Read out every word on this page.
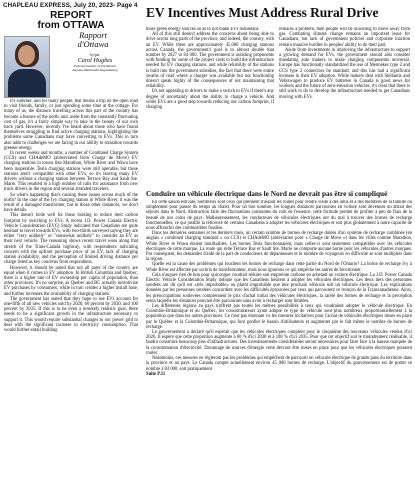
CHAPLEAU EXPRESS, July 20, 2023- Page 4
REPORT
from OTTAWA
Rapport
d'Ottawa
by/par
Carol Hughes
Federal member of Parliament
Algoma-Manitoulin-Kapuskasing

It's summer, and for many people, that means a trip on the open road to visit friends, family, or just spending some time at the cottage. For many of us, the distance travelling across this part of the country has become a feature of the north, and, aside from the constantly fluctuating cost of gas, it's a fairly simple way to take in the beauty of our own back yard. However, recently I've heard about those who have found themselves struggling to find active charging stations, highlighting the problems some Canadians may have converting to EVs. This in turn also adds to challenges we are facing in our ability to transition towards greener energy.

In recent weeks and months, a number of Combined Charge System (CCS) and CHAdeMO (abbreviated from Charge de Move) EV charging stations in towns like Marathon, White River and Wawa have been inoperable. Tesla charging stations were still operable, but those stations aren't compatible with other EVs, so it's leaving many EV drivers without a charging station between Terrace Bay and Sault Ste. Marie. This resulted in a high number of calls for assistance from new truck drivers in the region and several stranded travelers.

So what's happening that's causing these issues across much of the north? In the case of the Ivy charging station in White River, it was the result of a damaged transformer, but in those other instances, we don't have details.

This doesn't bode well for those looking to reduce their carbon footprint by switching to EVs. A recent J.D. Power Canada Electric Vehicle Consideration (EVC) Study indicated that Canadians are quite hesitant to travel towards EVs, with two-thirds surveyed saying they are either "very unlikely" or "somewhat unlikely" to consider an EV as their next vehicle. The reasoning shows recent travel woes along that stretch of the Trans-Canada highway, with respondents indicating concern with the upfront purchase price of an EV, lack of charging station availability, and the perception of limited driving distance per charge listed as key concerns from respondents.

However, it should be noted that not all parts of the country are equal when it comes to EV adoption. In British Columbia and Quebec, there is a higher rate of EV ownership per capita of population, than other provinces. It's no surprise, as Quebec and BC actually incentivize EV purchases by consumers, while in turn creates a higher install base, and further increases the availability of charging stations.

The government has stated that they hope to see EVs account for one-fifth of all new vehicles sold by 2026, 60 percent by 2030, and 100 percent by 2035. If this is to be even a remotely realistic goal, there needs to be a significant growth in the infrastructure necessary to support it. This would require substantial changes to our power grid to deal with the significant increase in electricity consumption. That would further entail building

EV Incentives Must Address Rural Drive

more green energy sources so as to not make EVs redundant.

All of this still doesn't address the concerns about being able to drive across long parts of the province, and indeed, the country, with an EV. While there are approximately 45,000 charging stations across Canada, the government's goal is to almost double that number by 2027 to 84 000. The government is assisting proponents with funding for some of the project costs to build the infrastructure needed for EV charging stations, and while reliability of the stations is built into the government subsidies, the fact that there were entire swaths of road where a charger was available but not functioning doesn't speak highly of the consequences of not maintaining that reliability.

It's not appealing to drivers to make a switch to EVs if there's any degree of uncertainty about the ability to charge a vehicle. And while EVs are a good step towards reducing our carbon footprint, if charging

remains a problem, then people will be unwilling to move away from gas. Combating climate change remains an important issue for Canadians, but lack of government policies and corporate inaction remain massive hurdles in peoples' ability to do their part.

Aside from investments in improving the infrastructure to support a growing demand for EVs, the government should also consider mandating auto makers to make charging components universal. Europe has functionally standardized the use of Mennekes type 2 and CCS type 2 connectors be standard, and this has had a significant increase in their EV adoption. While makers deal with Stellantis and Volkswagen to produce EV batteries in Canada is good news for workers and the future of zero-emission vehicles, it's clear that there is still work to do to develop the infrastructure needed to get Canadians moving with EVs.

Conduire un véhicule électrique dans le Nord ne devrait pas être si compliqué

En cette saison estivale, nombreux sont ceux qui prennent d'assaut les routes pour rendre visite à des amis et à des membres de la famille ou simplement pour passer du temps au chalet. Pour un bon nombre, les longues distances parcourues en voiture sont devenues un attrait des séjours dans le Nord. Abstraction faite des fluctuations constantes du coût de l'essence, cette formule permet de profiter à peu de frais de la beauté de nos coins de pays. Malheureusement, les conducteurs de véhicules électriques ont du mal à trouver des bornes de recharge fonctionnelles, ce qui justifie la réticence de certains Canadiens à adopter les véhicules électriques et soit plus globalement à notre capacité de nous affranchir des combustibles fossiles.

Dans les dernières semaines et les derniers mois, un certain nombre de bornes de recharge dotées d'un système de recharge combinée (en anglais « combined charging standard » ou CCS) et CHAdeMO (abréviation pour « Charge de Move ») dans les villes comme Marathon, White River et Wawa étaient inutilisables. Les bornes Tesla fonctionnaient, mais celles-ci sont seulement compatibles avec les véhicules électriques de cette marque. La route qui relie Terrace Bay et Sault Ste. Marie ne comporte aucune borne pour les véhicules d'autres marques. Par conséquent, les demandes d'aide de la part de conducteurs de dépanneuses et le nombre de voyageurs en difficulté se sont multipliés dans la région.

Quelle est la cause des problèmes qui touchent les bornes de recharge dans cette partie du Nord de l'Ontario? La borne de recharge Ivy à White River est affectée par un bris de transformateur, mais nous ignorons ce qui empêche les autres de fonctionner.

Cela n'augure rien de bon pour quiconque voudrait réduire son empreinte carbone en achetant un voiture électrique. La J.D. Power Canada Electric Vehicle Consideration Study indique que les Canadiens hésitent à adopter les véhicules électriques. Les deux tiers des personnes sondées ont dit qu'il est «très improbable» ou plutôt improbable que leur prochain véhicule soit un véhicule électrique. Les explications données par les personnes sondées concordent avec les difficultés éprouvées par ceux qui parcourent ce tronçon de la Transcanadienne. Ainsi, les préoccupations soulevées comprennent le prix d'achat initial des véhicules électriques, la rareté des bornes de recharge et la perception selon laquelle les distances pouvant être parcourues sans avoir à recharger sont limitées.

Les différentes régions au pays n'offrent pas toutes les mêmes possibilités à ceux qui voudraient adopter le véhicule électrique. En Colombie-Britannique et au Québec, les consommateurs ayant adopté ce type de véhicule sont plus nombreux proportionnellement à la population que dans les autres provinces. Ce n'est pas étonnant vu les mesures incitatives pour l'achat de véhicules électriques mises en place par le Québec et la Colombie-Britannique, qui font gonfler le bassin d'utilisateurs et augmenter par le fait même le nombre de bornes de recharge.

Le gouvernement a déclaré qu'il espérait que les véhicules électriques comptent pour le cinquième des nouveaux véhicules vendus d'ici 2026. Il espère que cette proportion augmente à 60 % d'ici 2030 et à 100 % d'ici 2035. Pour que cet objectif soit le moindrement réalisable, il faudra construire beaucoup plus d'infrastructures. Des investissements considérables seront nécessaires pour faire face à la hausse marquée de la consommation d'électricité. Davantage de sources d'énergie verte devront être mises en place pour que les véhicules électriques puissent rouler.

Néanmoins, ces mesures ne règleront pas les problèmes qui empêchent de parcourir en véhicule électrique de grands pans du territoire dans la province et au pays. Le Canada compte actuellement environ 45 000 bornes de recharge. L'objectif du gouvernement est de porter ce nombre à 84 000, soit pratiquement

Suite P.11
